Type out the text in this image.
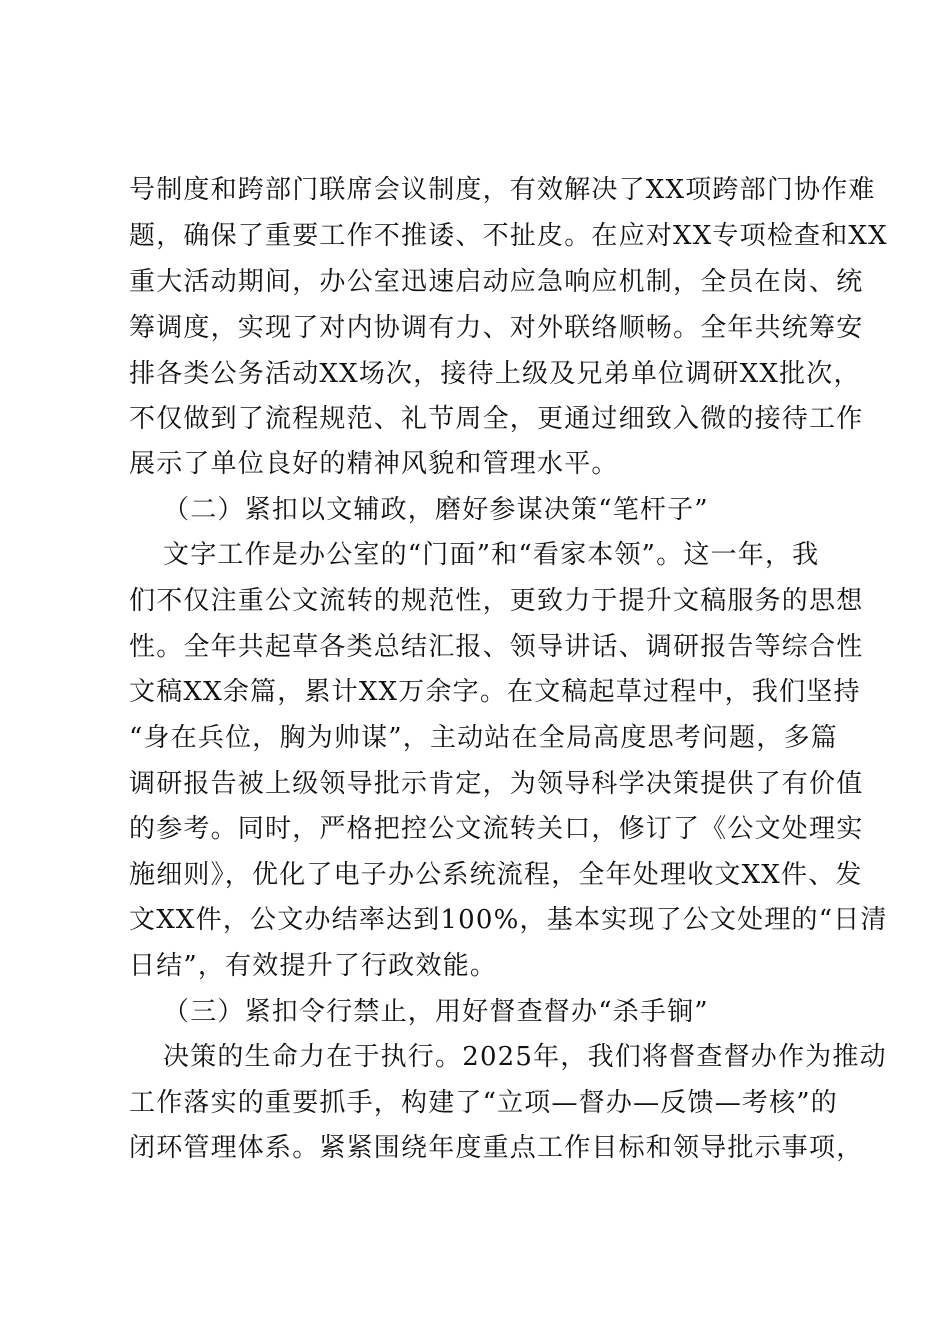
号制度和跨部门联席会议制度，有效解决了XX项跨部门协作难
题，确保了重要工作不推诿、不扯皮。在应对XX专项检查和XX
重大活动期间，办公室迅速启动应急响应机制，全员在岗、统
筹调度，实现了对内协调有力、对外联络顺畅。全年共统筹安
排各类公务活动XX场次，接待上级及兄弟单位调研XX批次，
不仅做到了流程规范、礼节周全，更通过细致入微的接待工作
展示了单位良好的精神风貌和管理水平。
（二）紧扣以文辅政，磨好参谋决策“笔杆子”
文字工作是办公室的“门面”和“看家本领”。这一年，我
们不仅注重公文流转的规范性，更致力于提升文稿服务的思想
性。全年共起草各类总结汇报、领导讲话、调研报告等综合性
文稿XX余篇，累计XX万余字。在文稿起草过程中，我们坚持
“身在兵位，胸为帅谋”，主动站在全局高度思考问题，多篇
调研报告被上级领导批示肯定，为领导科学决策提供了有价值
的参考。同时，严格把控公文流转关口，修订了《公文处理实
施细则》，优化了电子办公系统流程，全年处理收文XX件、发
文XX件，公文办结率达到100%，基本实现了公文处理的“日清
日结”，有效提升了行政效能。
（三）紧扣令行禁止，用好督查督办“杀手锏”
决策的生命力在于执行。2025年，我们将督查督办作为推动
工作落实的重要抓手，构建了“立项—督办—反馈—考核”的
闭环管理体系。紧紧围绕年度重点工作目标和领导批示事项，
